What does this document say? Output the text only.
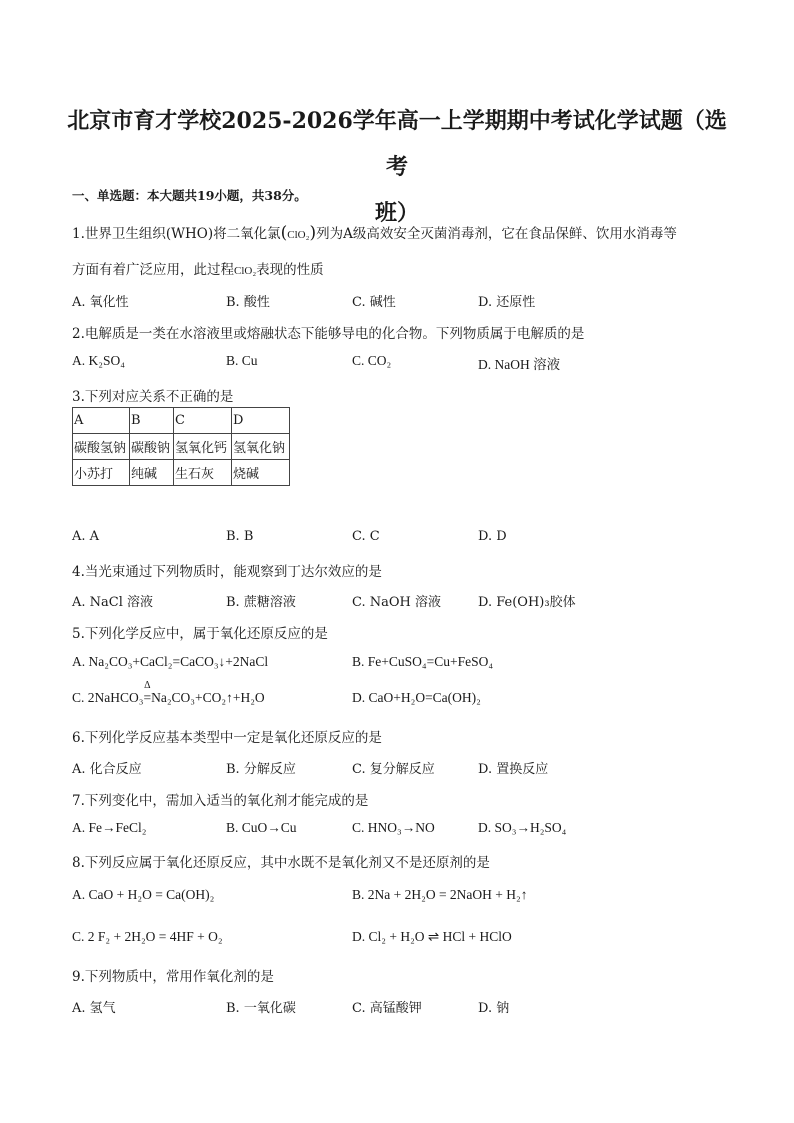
北京市育才学校2025-2026学年高一上学期期中考试化学试题（选考
班）
一、单选题：本大题共19小题，共38分。
1.世界卫生组织(WHO)将二氧化氯(ClO₂)列为A级高效安全灭菌消毒剂，它在食品保鲜、饮用水消毒等
方面有着广泛应用，此过程ClO₂表现的性质
A. 氧化性	B. 酸性	C. 碱性	D. 还原性
2.电解质是一类在水溶液里或熔融状态下能够导电的化合物。下列物质属于电解质的是
A. K₂SO₄	B. Cu	C. CO₂	D. NaOH 溶液
3.下列对应关系不正确的是
A	B	C	D
碳酸氢钠	碳酸钠	氢氧化钙	氢氧化钠
小苏打	纯碱	生石灰	烧碱
A. A	B. B	C. C	D. D
4.当光束通过下列物质时，能观察到丁达尔效应的是
A. NaCl 溶液	B. 蔗糖溶液	C. NaOH 溶液	D. Fe(OH)₃胶体
5.下列化学反应中，属于氧化还原反应的是
A. Na₂CO₃+CaCl₂=CaCO₃↓+2NaCl	B. Fe+CuSO₄=Cu+FeSO₄
C. 2NaHCO₃
Δ
=Na₂CO₃+CO₂↑+H₂O	D. CaO+H₂O=Ca(OH)₂
6.下列化学反应基本类型中一定是氧化还原反应的是
A. 化合反应	B. 分解反应	C. 复分解反应	D. 置换反应
7.下列变化中，需加入适当的氧化剂才能完成的是
A. Fe→FeCl₂	B. CuO→Cu	C. HNO₃→NO	D. SO₃→H₂SO₄
8.下列反应属于氧化还原反应，其中水既不是氧化剂又不是还原剂的是
A. CaO + H₂O = Ca(OH)₂	B. 2Na + 2H₂O = 2NaOH + H₂↑
C. 2 F₂ + 2H₂O = 4HF + O₂	D. Cl₂ + H₂O ⇌ HCl + HClO
9.下列物质中，常用作氧化剂的是
A. 氢气	B. 一氧化碳	C. 高锰酸钾	D. 钠
